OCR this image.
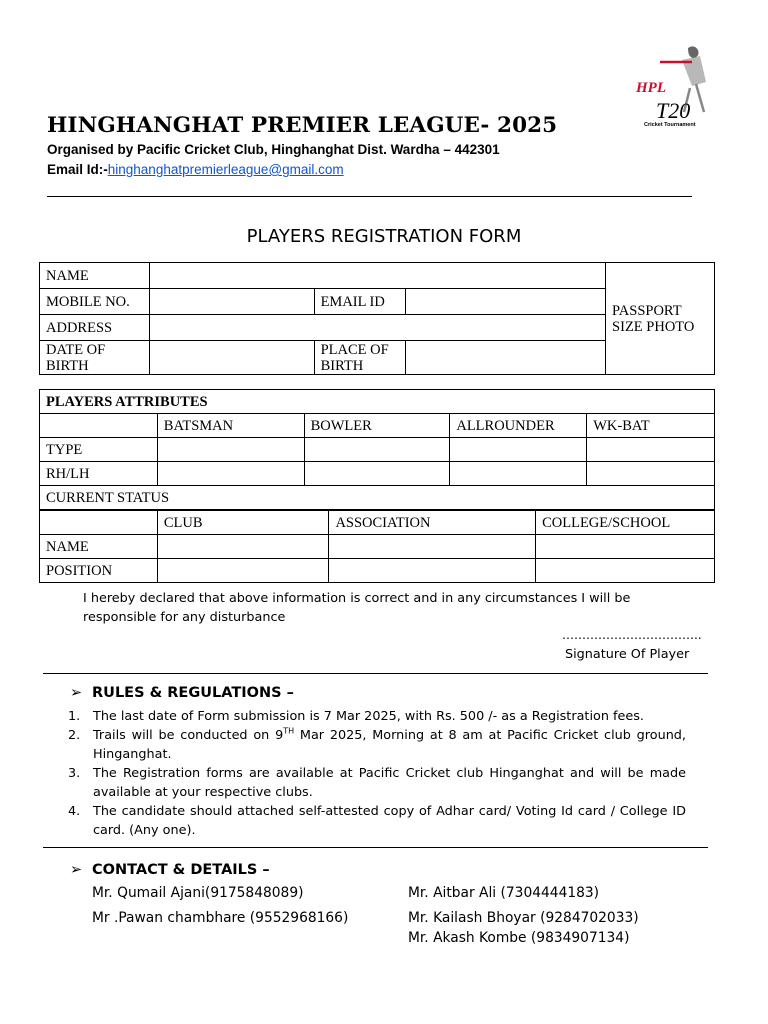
HPL
T20
Cricket Tournament
HINGHANGHAT PREMIER LEAGUE- 2025
Organised by Pacific Cricket Club, Hinghanghat Dist. Wardha – 442301
Email Id:-hinghanghatpremierleague@gmail.com
PLAYERS REGISTRATION FORM
NAME				PASSPORT SIZE PHOTO
MOBILE NO.		EMAIL ID		
ADDRESS				
DATE OF BIRTH		PLACE OF BIRTH		
PLAYERS ATTRIBUTES				
	BATSMAN	BOWLER	ALLROUNDER	WK-BAT
TYPE				
RH/LH				
CURRENT STATUS				
	CLUB	ASSOCIATION	COLLEGE/SCHOOL
NAME			
POSITION			
I hereby declared that above information is correct and in any circumstances I will be responsible for any disturbance
……………………………..
Signature Of Player
➢ RULES & REGULATIONS –
1. The last date of Form submission is 7 Mar 2025, with Rs. 500 /- as a Registration fees.
2. Trails will be conducted on 9TH Mar 2025, Morning at 8 am at Pacific Cricket club ground, Hinganghat.
3. The Registration forms are available at Pacific Cricket club Hinganghat and will be made available at your respective clubs.
4. The candidate should attached self-attested copy of Adhar card/ Voting Id card / College ID card. (Any one).
➢ CONTACT & DETAILS –
Mr. Qumail Ajani(9175848089)	Mr. Aitbar Ali (7304444183)
Mr .Pawan chambhare (9552968166)	Mr. Kailash Bhoyar (9284702033)
Mr. Akash Kombe (9834907134)
